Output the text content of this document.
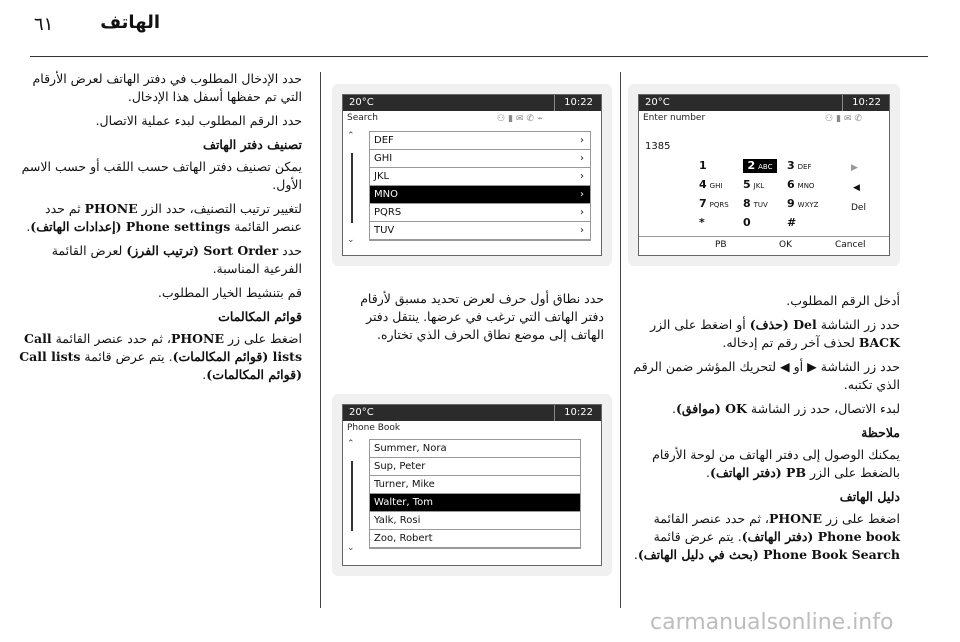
٦١	الهاتف
20°C	10:22
Enter number	⚇▮✉✆
1385
1	2 ABC	3 DEF
4 GHI	5 JKL	6 MNO
7 PQRS	8 TUV	9 WXYZ
*	0	#
▶
◀
Del
PB	OK	Cancel
20°C	10:22
Search	⚇▮✉✆⌁
⌃
⌄
DEF	›
GHI	›
JKL	›
MNO	›
PQRS	›
TUV	›
20°C	10:22
Phone Book
⌃
⌄
Summer, Nora
Sup, Peter
Turner, Mike
Walter, Tom
Yalk, Rosi
Zoo, Robert

حدد الإدخال المطلوب في دفتر الهاتف لعرض الأرقام التي تم حفظها أسفل هذا الإدخال.

حدد الرقم المطلوب لبدء عملية الاتصال.

تصنيف دفتر الهاتف

يمكن تصنيف دفتر الهاتف حسب اللقب أو حسب الاسم الأول.

لتغيير ترتيب التصنيف، حدد الزر PHONE ثم حدد عنصر القائمة Phone settings (إعدادات الهاتف).

حدد Sort Order (ترتيب الفرز) لعرض القائمة الفرعية المناسبة.

قم بتنشيط الخيار المطلوب.

قوائم المكالمات

اضغط على زر PHONE، ثم حدد عنصر القائمة Call lists (قوائم المكالمات). يتم عرض قائمة Call lists (قوائم المكالمات).

حدد نطاق أول حرف لعرض تحديد مسبق لأرقام دفتر الهاتف التي ترغب في عرضها. ينتقل دفتر الهاتف إلى موضع نطاق الحرف الذي تختاره.

أدخل الرقم المطلوب.

حدد زر الشاشة Del (حذف) أو اضغط على الزر BACK لحذف آخر رقم تم إدخاله.

حدد زر الشاشة ▶ أو ◀ لتحريك المؤشر ضمن الرقم الذي تكتبه.

لبدء الاتصال، حدد زر الشاشة OK (موافق).

ملاحظة

يمكنك الوصول إلى دفتر الهاتف من لوحة الأرقام بالضغط على الزر PB (دفتر الهاتف).

دليل الهاتف

اضغط على زر PHONE، ثم حدد عنصر القائمة Phone book (دفتر الهاتف). يتم عرض قائمة Phone Book Search (بحث في دليل الهاتف).

carmanualsonline.info
